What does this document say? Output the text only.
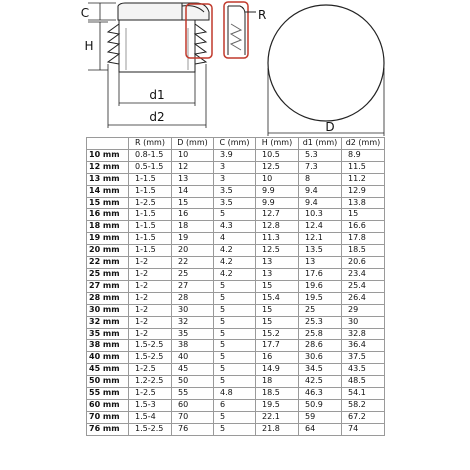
C
H
d1
d2
R
D
	R (mm)	D (mm)	C (mm)	H (mm)	d1 (mm)	d2 (mm)
10 mm	0.8-1.5	10	3.9	10.5	5.3	8.9
12 mm	0.5-1.5	12	3	12.5	7.3	11.5
13 mm	1-1.5	13	3	10	8	11.2
14 mm	1-1.5	14	3.5	9.9	9.4	12.9
15 mm	1-2.5	15	3.5	9.9	9.4	13.8
16 mm	1-1.5	16	5	12.7	10.3	15
18 mm	1-1.5	18	4.3	12.8	12.4	16.6
19 mm	1-1.5	19	4	11.3	12.1	17.8
20 mm	1-1.5	20	4.2	12.5	13.5	18.5
22 mm	1-2	22	4.2	13	13	20.6
25 mm	1-2	25	4.2	13	17.6	23.4
27 mm	1-2	27	5	15	19.6	25.4
28 mm	1-2	28	5	15.4	19.5	26.4
30 mm	1-2	30	5	15	25	29
32 mm	1-2	32	5	15	25.3	30
35 mm	1-2	35	5	15.2	25.8	32.8
38 mm	1.5-2.5	38	5	17.7	28.6	36.4
40 mm	1.5-2.5	40	5	16	30.6	37.5
45 mm	1-2.5	45	5	14.9	34.5	43.5
50 mm	1.2-2.5	50	5	18	42.5	48.5
55 mm	1-2.5	55	4.8	18.5	46.3	54.1
60 mm	1.5-3	60	6	19.5	50.9	58.2
70 mm	1.5-4	70	5	22.1	59	67.2
76 mm	1.5-2.5	76	5	21.8	64	74
